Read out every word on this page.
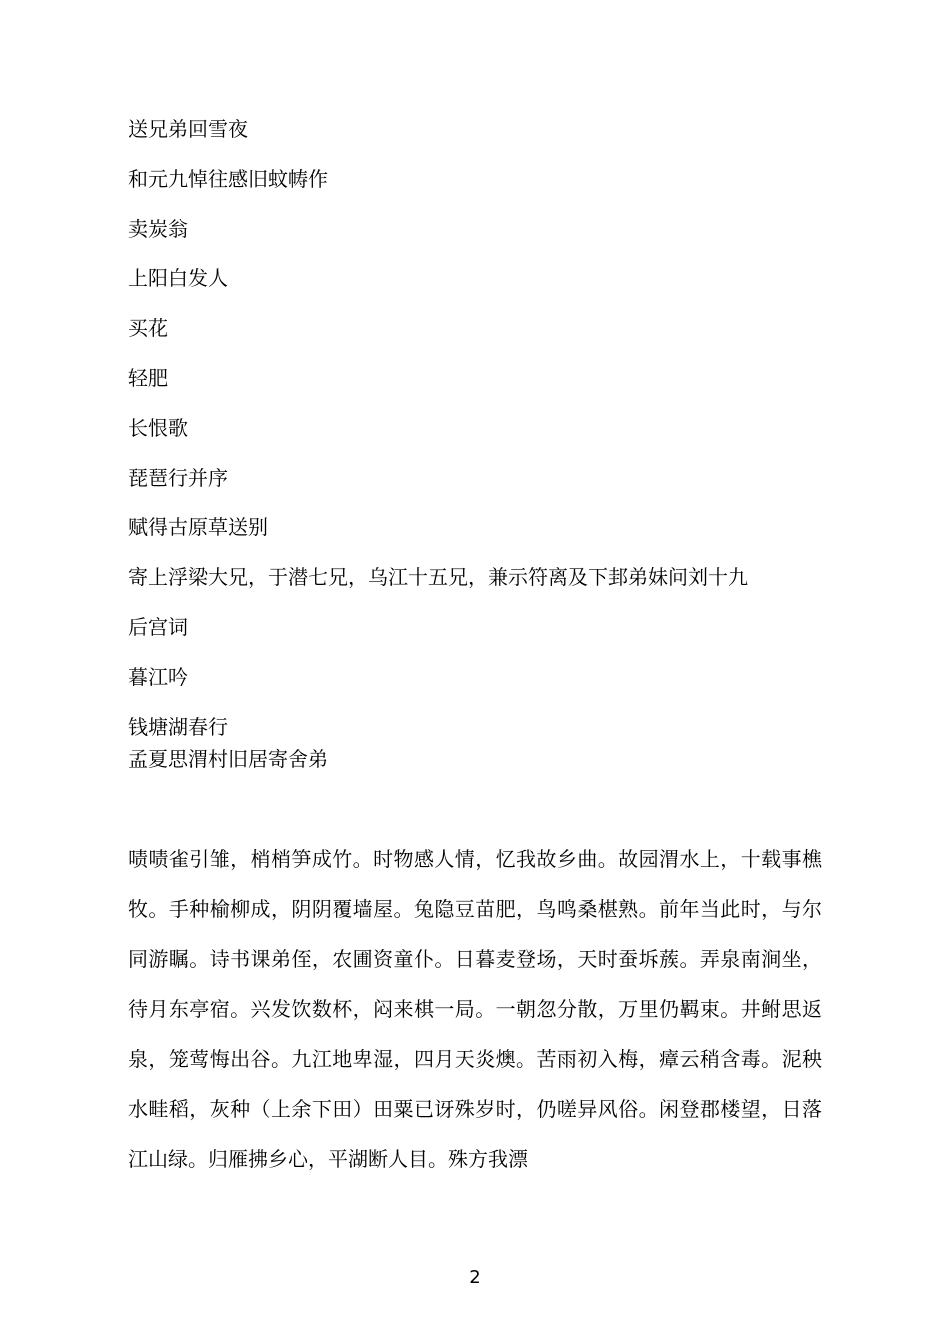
送兄弟回雪夜
和元九悼往感旧蚊帱作
卖炭翁
上阳白发人
买花
轻肥
长恨歌
琵琶行并序
赋得古原草送别
寄上浮梁大兄，于潜七兄，乌江十五兄，兼示符离及下邽弟妹问刘十九
后宫词
暮江吟
钱塘湖春行
孟夏思渭村旧居寄舍弟
啧啧雀引雏，梢梢笋成竹。时物感人情，忆我故乡曲。故园渭水上，十载事樵牧。手种榆柳成，阴阴覆墙屋。兔隐豆苗肥，鸟鸣桑椹熟。前年当此时，与尔同游瞩。诗书课弟侄，农圃资童仆。日暮麦登场，天时蚕坼蔟。弄泉南涧坐，待月东亭宿。兴发饮数杯，闷来棋一局。一朝忽分散，万里仍羁束。井鲋思返泉，笼莺悔出谷。九江地卑湿，四月天炎燠。苦雨初入梅，瘴云稍含毒。泥秧水畦稻，灰种（上余下田）田粟已讶殊岁时，仍嗟异风俗。闲登郡楼望，日落江山绿。归雁拂乡心，平湖断人目。殊方我漂
2
